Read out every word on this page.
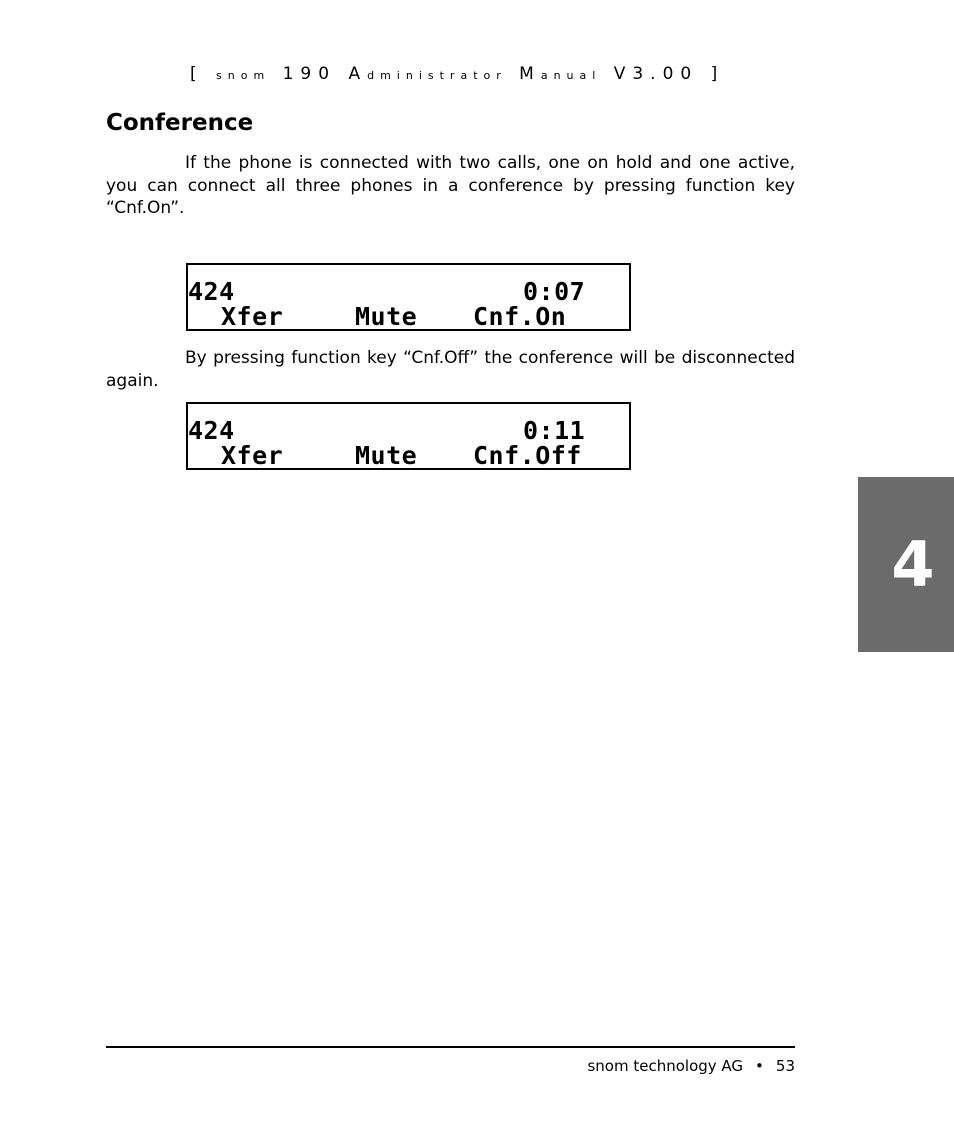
[ snom 190 Administrator Manual V3.00 ]
Conference

If the phone is connected with two calls, one on hold and one active, you can connect all three phones in a conference by pressing function key “Cnf.On”.

424	0:07
Xfer	Mute Cnf.On

By pressing function key “Cnf.Off” the conference will be disconnected again.

424	0:11
Xfer	Mute Cnf.Off
4
snom technology AG • 53
